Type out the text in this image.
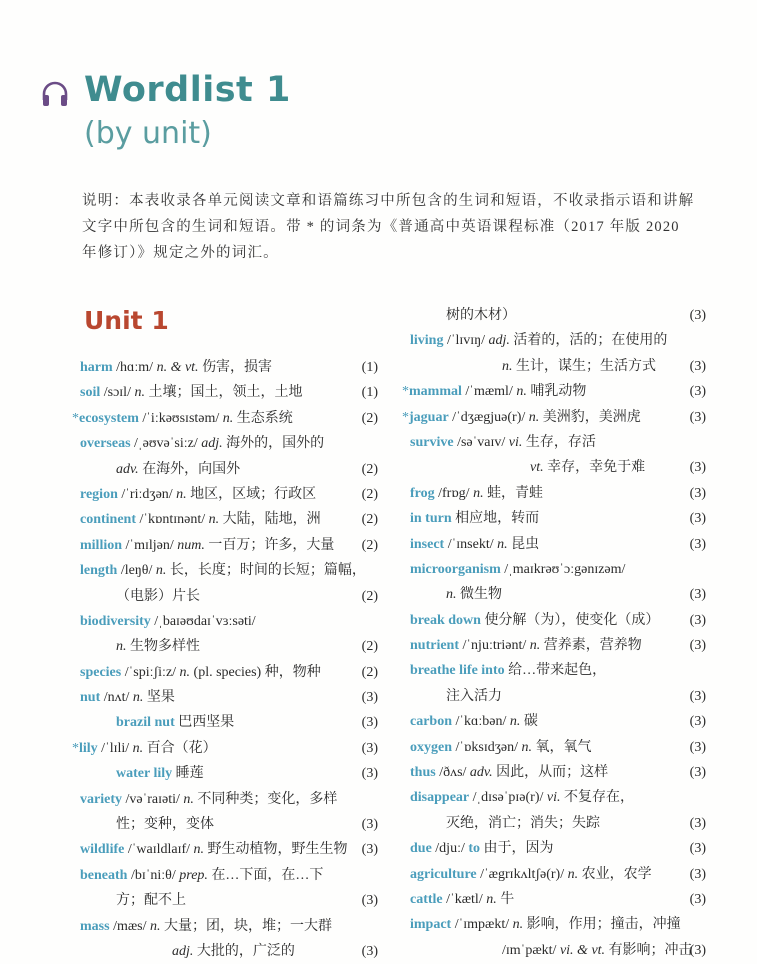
Wordlist 1
(by unit)
说明：本表收录各单元阅读文章和语篇练习中所包含的生词和短语，不收录指示语和讲解文字中所包含的生词和短语。带 * 的词条为《普通高中英语课程标准（2017 年版 2020 年修订）》规定之外的词汇。
Unit 1
harm /hɑːm/ n. & vt. 伤害，损害	(1)
soil /sɔɪl/ n. 土壤；国土，领土，土地	(1)
*ecosystem /ˈiːkəʊsɪstəm/ n. 生态系统	(2)
overseas /ˌəʊvəˈsiːz/ adj. 海外的，国外的
adv. 在海外，向国外	(2)
region /ˈriːdʒən/ n. 地区，区域；行政区	(2)
continent /ˈkɒntɪnənt/ n. 大陆，陆地，洲	(2)
million /ˈmɪljən/ num. 一百万；许多，大量 (2)
length /leŋθ/ n. 长，长度；时间的长短；篇幅，
（电影）片长	(2)
biodiversity /ˌbaɪəʊdaɪˈvɜːsəti/
n. 生物多样性	(2)
species /ˈspiːʃiːz/ n. (pl. species) 种，物种	(2)
nut /nʌt/ n. 坚果	(3)
brazil nut 巴西坚果	(3)
*lily /ˈlɪli/ n. 百合（花）	(3)
water lily 睡莲	(3)
variety /vəˈraɪəti/ n. 不同种类；变化，多样
性；变种，变体	(3)
wildlife /ˈwaɪldlaɪf/ n. 野生动植物，野生生物 (3)
beneath /bɪˈniːθ/ prep. 在…下面，在…下
方；配不上	(3)
mass /mæs/ n. 大量；团，块，堆；一大群
adj. 大批的，广泛的	(3)
树的木材）	(3)
living /ˈlɪvɪŋ/ adj. 活着的，活的；在使用的
n. 生计，谋生；生活方式 (3)
*mammal /ˈmæml/ n. 哺乳动物	(3)
*jaguar /ˈdʒægjuə(r)/ n. 美洲豹，美洲虎	(3)
survive /səˈvaɪv/ vi. 生存，存活
vt. 幸存，幸免于难	(3)
frog /frɒg/ n. 蛙，青蛙	(3)
in turn 相应地，转而	(3)
insect /ˈɪnsekt/ n. 昆虫	(3)
microorganism /ˌmaɪkrəʊˈɔːgənɪzəm/
n. 微生物	(3)
break down 使分解（为），使变化（成） (3)
nutrient /ˈnjuːtriənt/ n. 营养素，营养物	(3)
breathe life into 给…带来起色，
注入活力	(3)
carbon /ˈkɑːbən/ n. 碳	(3)
oxygen /ˈɒksɪdʒən/ n. 氧，氧气	(3)
thus /ðʌs/ adv. 因此，从而；这样	(3)
disappear /ˌdɪsəˈpɪə(r)/ vi. 不复存在，
灭绝，消亡；消失；失踪	(3)
due /djuː/ to 由于，因为	(3)
agriculture /ˈægrɪkʌltʃə(r)/ n. 农业，农学	(3)
cattle /ˈkætl/ n. 牛	(3)
impact /ˈɪmpækt/ n. 影响，作用；撞击，冲撞
/ɪmˈpækt/ vi. & vt. 有影响；冲击
(3)
